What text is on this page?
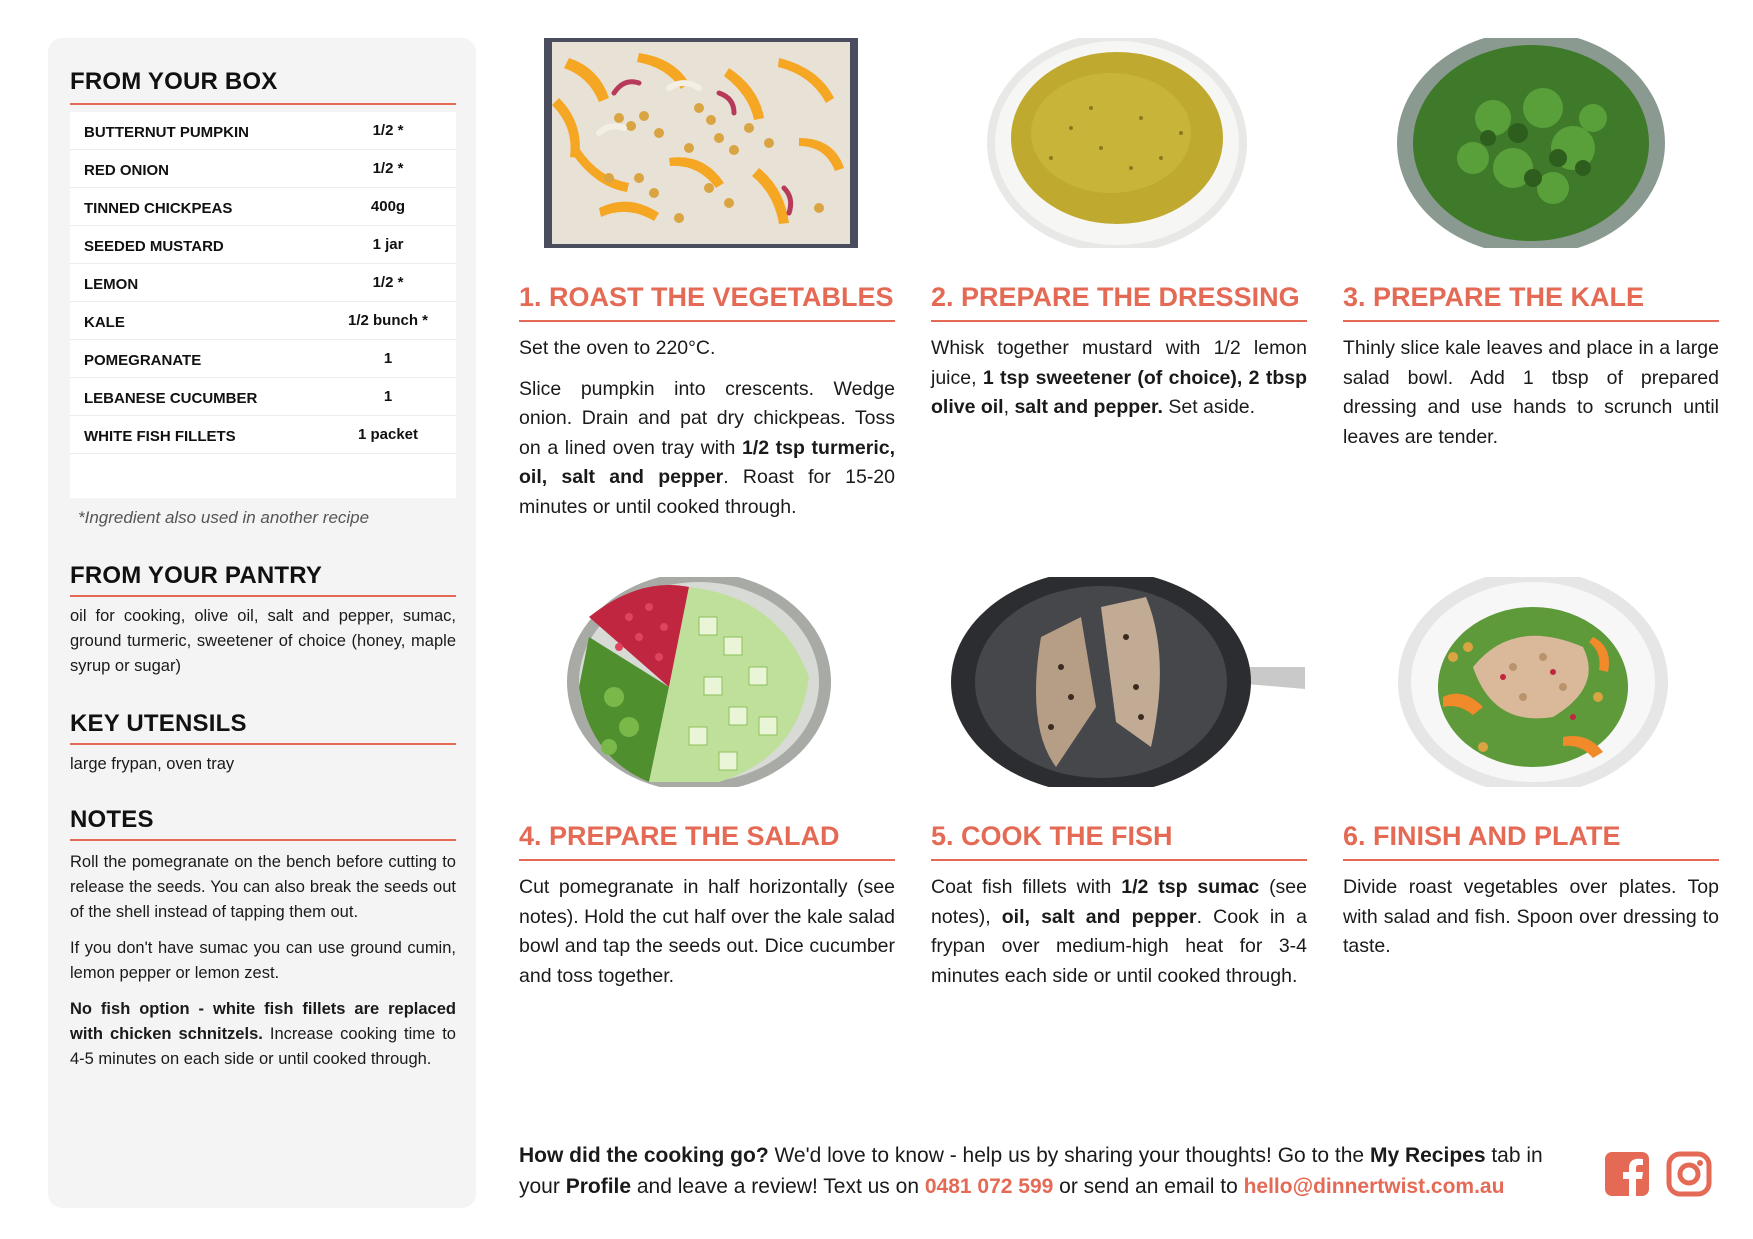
FROM YOUR BOX
BUTTERNUT PUMPKIN	1/2 *
RED ONION	1/2 *
TINNED CHICKPEAS	400g
SEEDED MUSTARD	1 jar
LEMON	1/2 *
KALE	1/2 bunch *
POMEGRANATE	1
LEBANESE CUCUMBER	1
WHITE FISH FILLETS	1 packet
*Ingredient also used in another recipe
FROM YOUR PANTRY
oil for cooking, olive oil, salt and pepper, sumac, ground turmeric, sweetener of choice (honey, maple syrup or sugar)
KEY UTENSILS
large frypan, oven tray
NOTES

Roll the pomegranate on the bench before cutting to release the seeds. You can also break the seeds out of the shell instead of tapping them out.

If you don't have sumac you can use ground cumin, lemon pepper or lemon zest.

No fish option - white fish fillets are replaced with chicken schnitzels. Increase cooking time to 4-5 minutes on each side or until cooked through.

1. ROAST THE VEGETABLES

Set the oven to 220°C.

Slice pumpkin into crescents. Wedge onion. Drain and pat dry chickpeas. Toss on a lined oven tray with 1/2 tsp turmeric, oil, salt and pepper. Roast for 15-20 minutes or until cooked through.

2. PREPARE THE DRESSING

Whisk together mustard with 1/2 lemon juice, 1 tsp sweetener (of choice), 2 tbsp olive oil, salt and pepper. Set aside.

3. PREPARE THE KALE

Thinly slice kale leaves and place in a large salad bowl. Add 1 tbsp of prepared dressing and use hands to scrunch until leaves are tender.

4. PREPARE THE SALAD

Cut pomegranate in half horizontally (see notes). Hold the cut half over the kale salad bowl and tap the seeds out. Dice cucumber and toss together.

5. COOK THE FISH

Coat fish fillets with 1/2 tsp sumac (see notes), oil, salt and pepper. Cook in a frypan over medium-high heat for 3-4 minutes each side or until cooked through.

6. FINISH AND PLATE

Divide roast vegetables over plates. Top with salad and fish. Spoon over dressing to taste.

How did the cooking go? We'd love to know - help us by sharing your thoughts! Go to the My Recipes tab in your Profile and leave a review! Text us on 0481 072 599 or send an email to hello@dinnertwist.com.au
